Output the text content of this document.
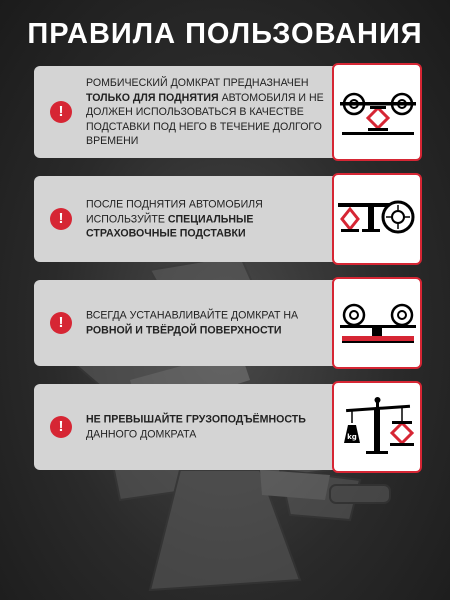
ПРАВИЛА ПОЛЬЗОВАНИЯ
!
РОМБИЧЕСКИЙ ДОМКРАТ ПРЕДНАЗНАЧЕН ТОЛЬКО ДЛЯ ПОДНЯТИЯ АВТОМОБИЛЯ И НЕ ДОЛЖЕН ИСПОЛЬЗОВАТЬСЯ В КАЧЕСТВЕ ПОДСТАВКИ ПОД НЕГО В ТЕЧЕНИЕ ДОЛГОГО ВРЕМЕНИ
!
ПОСЛЕ ПОДНЯТИЯ АВТОМОБИЛЯ ИСПОЛЬЗУЙТЕ СПЕЦИАЛЬНЫЕ СТРАХОВОЧНЫЕ ПОДСТАВКИ
!	ВСЕГДА УСТАНАВЛИВАЙТЕ ДОМКРАТ НА РОВНОЙ И ТВЁРДОЙ ПОВЕРХНОСТИ
!	НЕ ПРЕВЫШАЙТЕ ГРУЗОПОДЪЁМНОСТЬ ДАННОГО ДОМКРАТА	kg
